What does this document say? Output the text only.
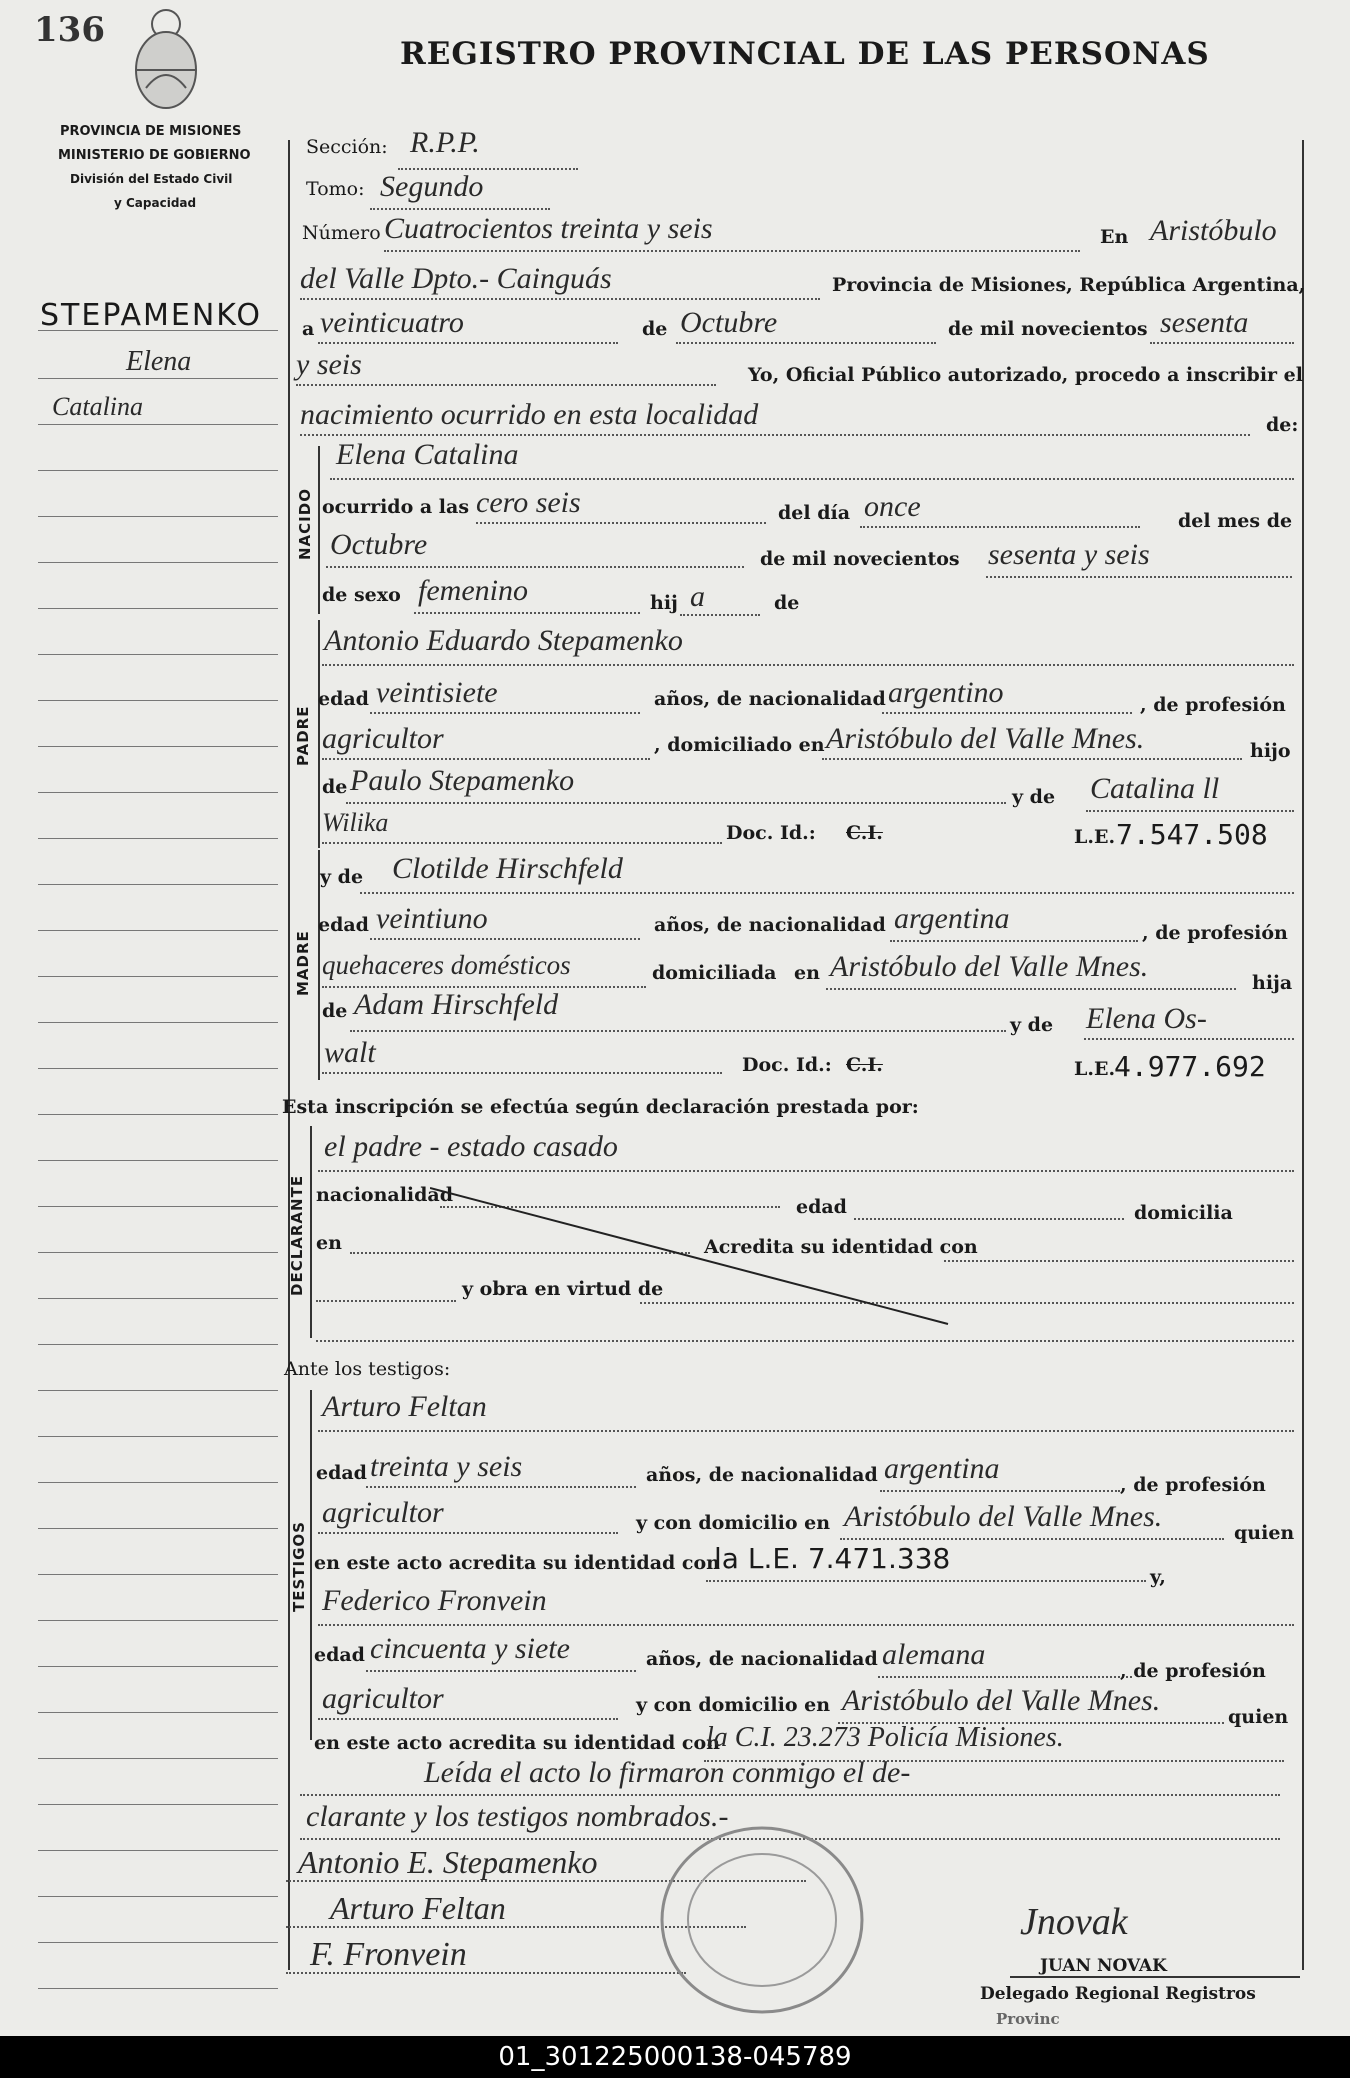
136
REGISTRO PROVINCIAL DE LAS PERSONAS
PROVINCIA DE MISIONES
MINISTERIO DE GOBIERNO
División del Estado Civil
y Capacidad
STEPAMENKO
Elena
Catalina
Sección: R.P.P.
Tomo: Segundo
Número Cuatrocientos treinta y seis	En Aristóbulo
del Valle Dpto.- Cainguás	Provincia de Misiones, República Argentina,
a veinticuatro	de Octubre	de mil novecientos sesenta
y seis	Yo, Oficial Público autorizado, procedo a inscribir el
nacimiento ocurrido en esta localidad	de:
NACIDO
Elena Catalina
ocurrido a las cero seis	del día once	del mes de
Octubre	de mil novecientos sesenta y seis
de sexo femenino	hij a	de
PADRE
Antonio Eduardo Stepamenko
edad veintisiete	años, de nacionalidad argentino	, de profesión
agricultor	, domiciliado en Aristóbulo del Valle Mnes.	hijo
de Paulo Stepamenko	y de Catalina ll
Wilika	Doc. Id.: C.I.	L.E. 7.547.508
MADRE
y de Clotilde Hirschfeld
edad veintiuno	años, de nacionalidad argentina	, de profesión
quehaceres domésticos	domiciliada en Aristóbulo del Valle Mnes.	hija
de Adam Hirschfeld
y de Elena Os-
walt	Doc. Id.: C.I.	L.E.
4.977.692
Esta inscripción se efectúa según declaración prestada por:
DECLARANTE
el padre - estado casado
nacionalidad
edad	domicilia
en	Acredita su identidad con
y obra en virtud de
Ante los testigos:
TESTIGOS
Arturo Feltan
edad treinta y seis	años, de nacionalidad argentina	, de profesión
agricultor	y con domicilio en Aristóbulo del Valle Mnes.	quien
en este acto acredita su identidad con
la L.E. 7.471.338
y,
Federico Fronvein
edad cincuenta y siete	años, de nacionalidad alemana	, de profesión
agricultor	y con domicilio en Aristóbulo del Valle Mnes.	quien
en este acto acredita su identidad con
la C.I. 23.273 Policía Misiones.
Leída el acto lo firmaron conmigo el de-
clarante y los testigos nombrados.-
Antonio E. Stepamenko
Arturo Feltan
F. Fronvein
Jnovak
JUAN NOVAK
Delegado Regional Registros
Provinc
01_301225000138-045789
